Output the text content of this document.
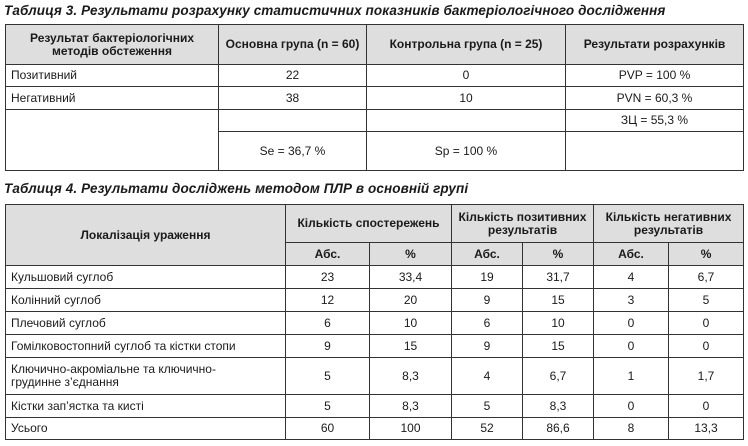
Таблиця 3. Результати розрахунку статистичних показників бактеріологічного дослідження
Результат бактеріологічних методів обстеження	Основна група (n = 60)	Контрольна група (n = 25)	Результати розрахунків
Позитивний	22	0	PVP = 100 %
Негативний	38	10	PVN = 60,3 %
			ЗЦ = 55,3 %
	Se = 36,7 %	Sp = 100 %	
Таблиця 4. Результати досліджень методом ПЛР в основній групі
Локалізація ураження	Кількість спостережень		Кількість позитивних результатів		Кількість негативних результатів	
	Абс.	%	Абс.	%	Абс.	%
Кульшовий суглоб	23	33,4	19	31,7	4	6,7
Колінний суглоб	12	20	9	15	3	5
Плечовий суглоб	6	10	6	10	0	0
Гомілковостопний суглоб та кістки стопи	9	15	9	15	0	0
Ключично-акроміальне та ключично-грудинне з’єднання	5	8,3	4	6,7	1	1,7
Кістки зап’ястка та кисті	5	8,3	5	8,3	0	0
Усього	60	100	52	86,6	8	13,3
